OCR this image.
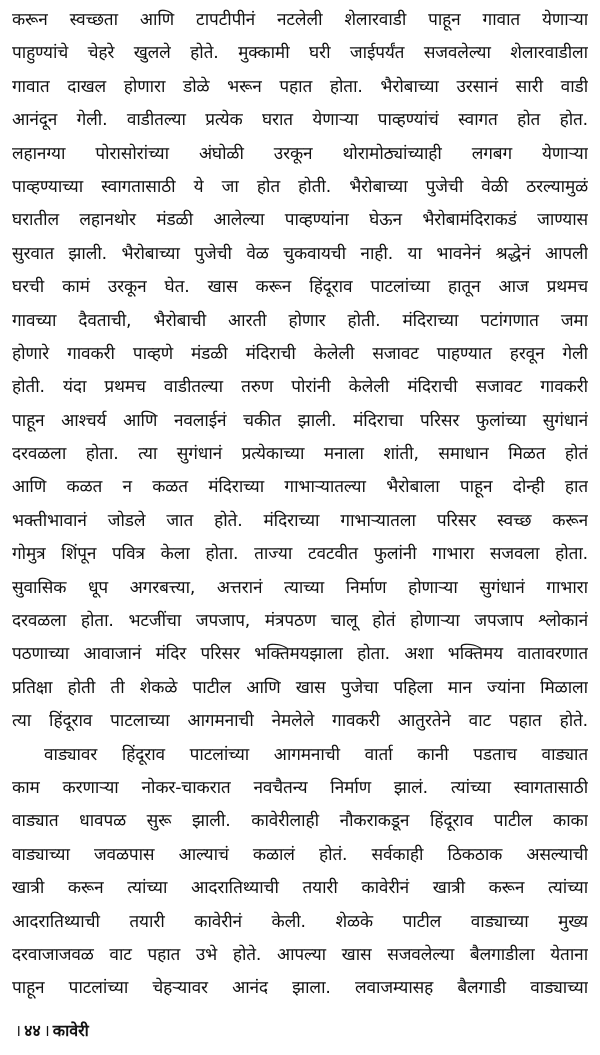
करून स्वच्छता आणि टापटीपीनं नटलेली शेलारवाडी पाहून गावात येणाऱ्या
पाहुण्यांचे चेहरे खुलले होते. मुक्कामी घरी जाईपर्यंत सजवलेल्या शेलारवाडीला
गावात दाखल होणारा डोळे भरून पहात होता. भैरोबाच्या उरसानं सारी वाडी
आनंदून गेली. वाडीतल्या प्रत्येक घरात येणाऱ्या पाव्हण्यांचं स्वागत होत होत.
लहानग्या पोरासोरांच्या अंघोळी उरकून थोरामोठ्यांच्याही लगबग येणाऱ्या
पाव्हण्याच्या स्वागतासाठी ये जा होत होती. भैरोबाच्या पुजेची वेळी ठरल्यामुळं
घरातील लहानथोर मंडळी आलेल्या पाव्हण्यांना घेऊन भैरोबामंदिराकडं जाण्यास
सुरवात झाली. भैरोबाच्या पुजेची वेळ चुकवायची नाही. या भावनेनं श्रद्धेनं आपली
घरची कामं उरकून घेत. खास करून हिंदूराव पाटलांच्या हातून आज प्रथमच
गावच्या दैवताची, भैरोबाची आरती होणार होती. मंदिराच्या पटांगणात जमा
होणारे गावकरी पाव्हणे मंडळी मंदिराची केलेली सजावट पाहण्यात हरवून गेली
होती. यंदा प्रथमच वाडीतल्या तरुण पोरांनी केलेली मंदिराची सजावट गावकरी
पाहून आश्चर्य आणि नवलाईनं चकीत झाली. मंदिराचा परिसर फुलांच्या सुगंधानं
दरवळला होता. त्या सुगंधानं प्रत्येकाच्या मनाला शांती, समाधान मिळत होतं
आणि कळत न कळत मंदिराच्या गाभाऱ्यातल्या भैरोबाला पाहून दोन्ही हात
भक्तीभावानं जोडले जात होते. मंदिराच्या गाभाऱ्यातला परिसर स्वच्छ करून
गोमुत्र शिंपून पवित्र केला होता. ताज्या टवटवीत फुलांनी गाभारा सजवला होता.
सुवासिक धूप अगरबत्त्या, अत्तरानं त्याच्या निर्माण होणाऱ्या सुगंधानं गाभारा
दरवळला होता. भटजींचा जपजाप, मंत्रपठण चालू होतं होणाऱ्या जपजाप श्लोकानं
पठणाच्या आवाजानं मंदिर परिसर भक्तिमयझाला होता. अशा भक्तिमय वातावरणात
प्रतिक्षा होती ती शेकळे पाटील आणि खास पुजेचा पहिला मान ज्यांना मिळाला
त्या हिंदूराव पाटलाच्या आगमनाची नेमलेले गावकरी आतुरतेने वाट पहात होते.
वाड्यावर हिंदूराव पाटलांच्या आगमनाची वार्ता कानी पडताच वाड्यात
काम करणाऱ्या नोकर-चाकरात नवचैतन्य निर्माण झालं. त्यांच्या स्वागतासाठी
वाड्यात धावपळ सुरू झाली. कावेरीलाही नौकराकडून हिंदूराव पाटील काका
वाड्याच्या जवळपास आल्याचं कळालं होतं. सर्वकाही ठिकठाक असल्याची
खात्री करून त्यांच्या आदरातिथ्याची तयारी कावेरीनं खात्री करून त्यांच्या
आदरातिथ्याची तयारी कावेरीनं केली. शेळके पाटील वाड्याच्या मुख्य
दरवाजाजवळ वाट पहात उभे होते. आपल्या खास सजवलेल्या बैलगाडीला येताना
पाहून पाटलांच्या चेहऱ्यावर आनंद झाला. लवाजम्यासह बैलगाडी वाड्याच्या
। ४४ । कावेरी
